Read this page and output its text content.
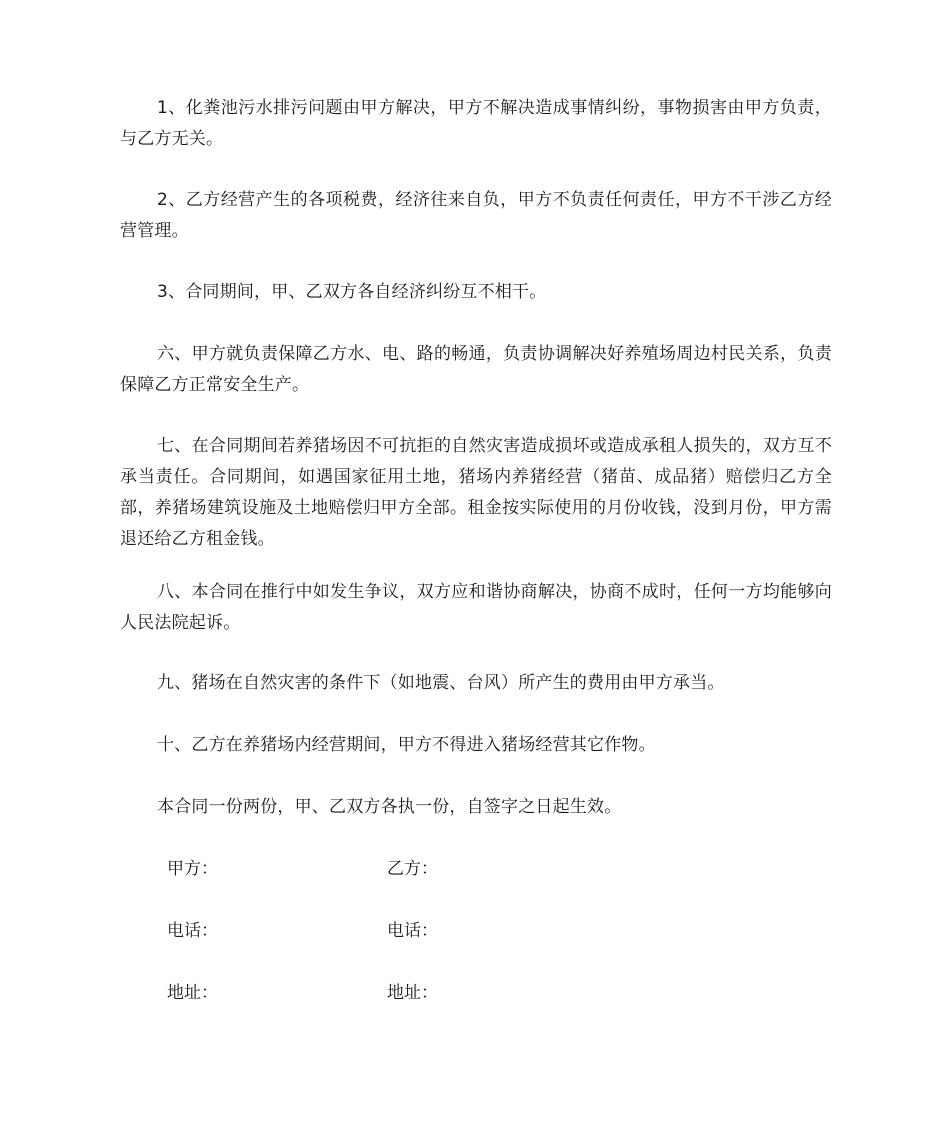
1、化粪池污水排污问题由甲方解决，甲方不解决造成事情纠纷，事物损害由甲方负责，与乙方无关。

2、乙方经营产生的各项税费，经济往来自负，甲方不负责任何责任，甲方不干涉乙方经营管理。

3、合同期间，甲、乙双方各自经济纠纷互不相干。

六、甲方就负责保障乙方水、电、路的畅通，负责协调解决好养殖场周边村民关系，负责保障乙方正常安全生产。

七、在合同期间若养猪场因不可抗拒的自然灾害造成损坏或造成承租人损失的，双方互不承当责任。合同期间，如遇国家征用土地，猪场内养猪经营（猪苗、成品猪）赔偿归乙方全部，养猪场建筑设施及土地赔偿归甲方全部。租金按实际使用的月份收钱，没到月份，甲方需退还给乙方租金钱。

八、本合同在推行中如发生争议，双方应和谐协商解决，协商不成时，任何一方均能够向人民法院起诉。

九、猪场在自然灾害的条件下（如地震、台风）所产生的费用由甲方承当。

十、乙方在养猪场内经营期间，甲方不得进入猪场经营其它作物。

本合同一份两份，甲、乙双方各执一份，自签字之日起生效。

甲方：	乙方：
电话：	电话：
地址：	地址：
